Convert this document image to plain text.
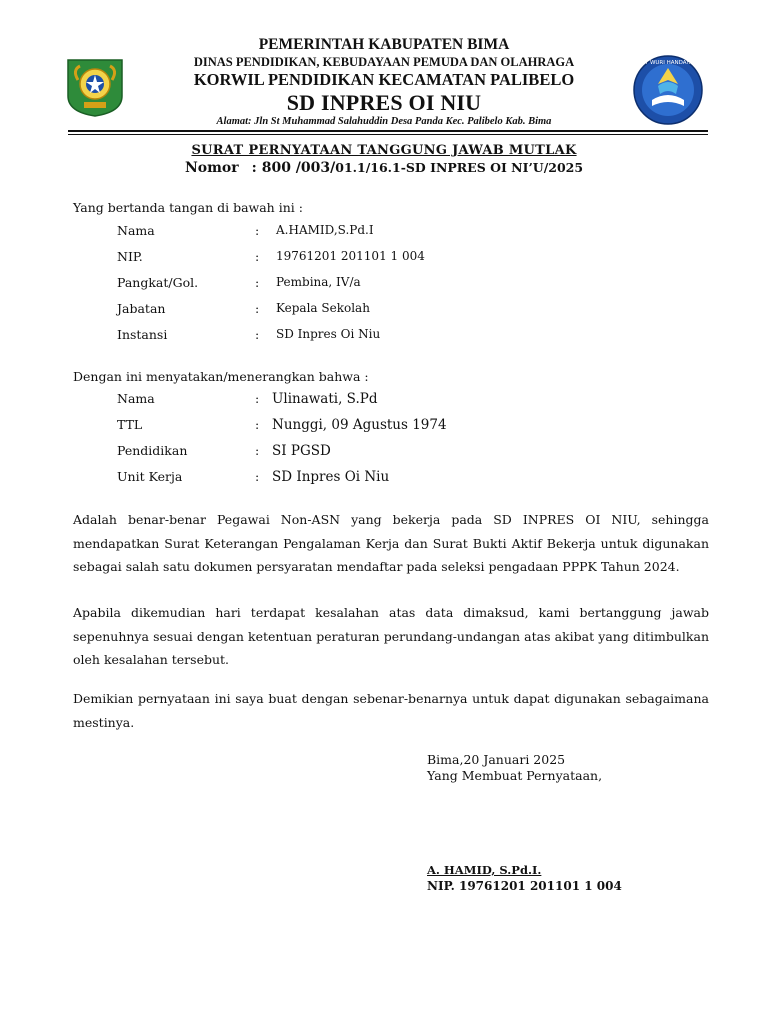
PEMERINTAH KABUPATEN BIMA
DINAS PENDIDIKAN, KEBUDAYAAN PEMUDA DAN OLAHRAGA
KORWIL PENDIDIKAN KECAMATAN PALIBELO
SD INPRES OI NIU
Alamat: Jln St Muhammad Salahuddin Desa Panda Kec. Palibelo Kab. Bima
TUT WURI HANDAYANI
SURAT PERNYATAAN TANGGUNG JAWAB MUTLAK
Nomor : 800 /003/01.1/16.1-SD INPRES OI NI’U/2025
Yang bertanda tangan di bawah ini :
Nama	: A.HAMID,S.Pd.I
NIP.	: 19761201 201101 1 004
Pangkat/Gol.	: Pembina, IV/a
Jabatan	: Kepala Sekolah
Instansi	: SD Inpres Oi Niu
Dengan ini menyatakan/menerangkan bahwa :
Nama	: Ulinawati, S.Pd
TTL	: Nunggi, 09 Agustus 1974
Pendidikan	: SI PGSD
Unit Kerja	: SD Inpres Oi Niu
Adalah benar-benar Pegawai Non-ASN yang bekerja pada SD INPRES OI NIU, sehingga mendapatkan Surat Keterangan Pengalaman Kerja dan Surat Bukti Aktif Bekerja untuk digunakan sebagai salah satu dokumen persyaratan mendaftar pada seleksi pengadaan PPPK Tahun 2024.
Apabila dikemudian hari terdapat kesalahan atas data dimaksud, kami bertanggung jawab sepenuhnya sesuai dengan ketentuan peraturan perundang-undangan atas akibat yang ditimbulkan oleh kesalahan tersebut.
Demikian pernyataan ini saya buat dengan sebenar-benarnya untuk dapat digunakan sebagaimana mestinya.
Bima,20 Januari 2025
Yang Membuat Pernyataan,
A. HAMID, S.Pd.I.
NIP. 19761201 201101 1 004
